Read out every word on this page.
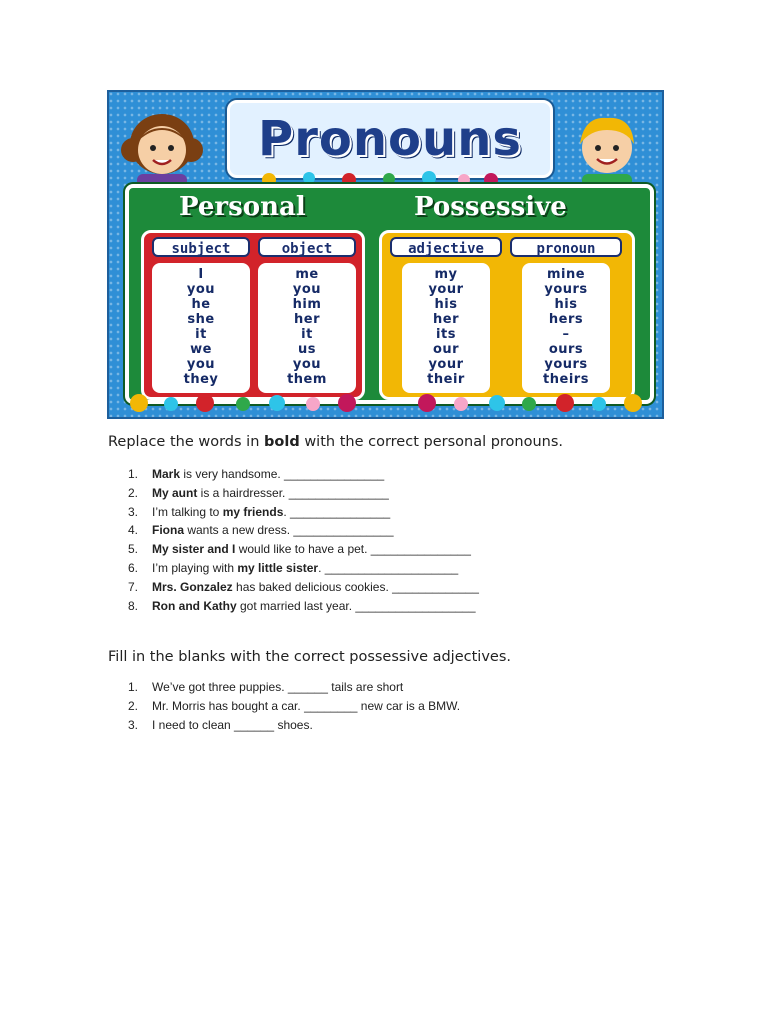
Pronouns
Personal	Possessive
subject
I
you
he
she
it
we
you
they
object
me
you
him
her
it
us
you
them
adjective
my
your
his
her
its
our
your
their
pronoun
mine
yours
his
hers
–
ours
yours
theirs
Replace the words in bold with the correct personal pronouns.
1. Mark is very handsome. _______________
2. My aunt is a hairdresser. _______________
3. I’m talking to my friends. _______________
4. Fiona wants a new dress. _______________
5. My sister and I would like to have a pet. _______________
6. I’m playing with my little sister. ____________________
7. Mrs. Gonzalez has baked delicious cookies. _____________
8. Ron and Kathy got married last year. __________________
Fill in the blanks with the correct possessive adjectives.
1. We’ve got three puppies. ______ tails are short
2. Mr. Morris has bought a car. ________ new car is a BMW.
3. I need to clean ______ shoes.
